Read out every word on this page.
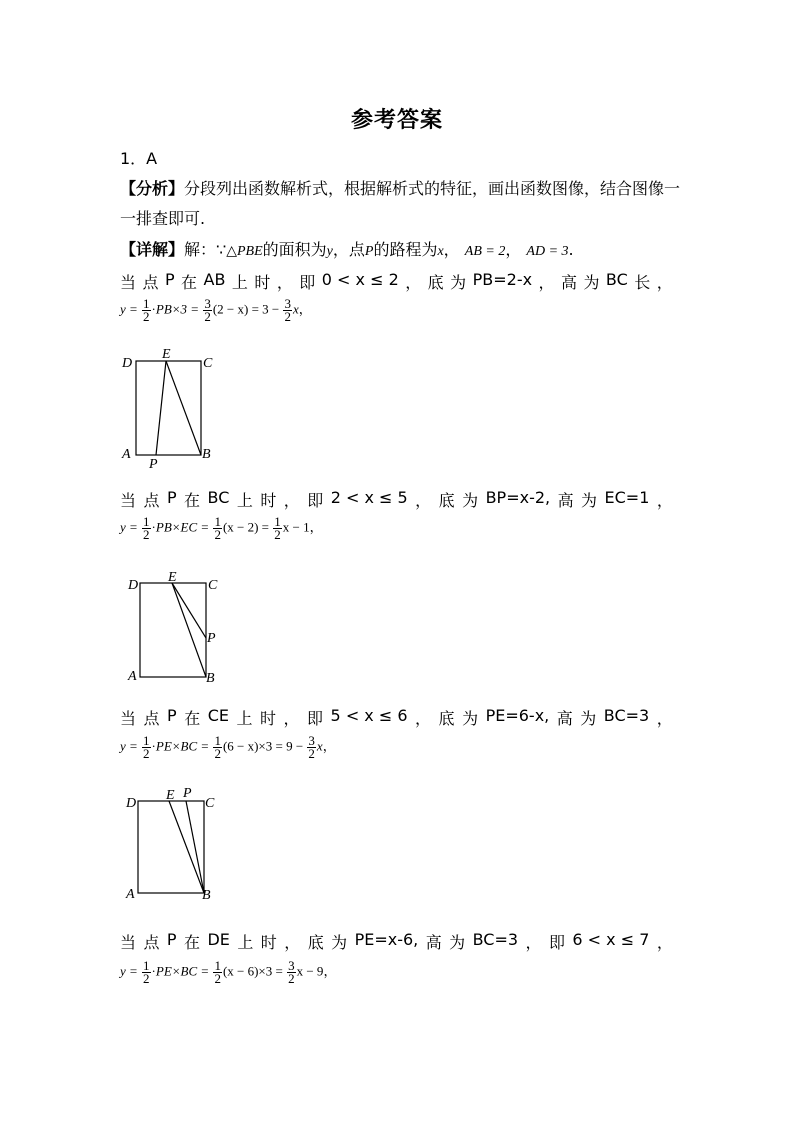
参考答案
1．A
【分析】分段列出函数解析式，根据解析式的特征，画出函数图像，结合图像一
一排查即可.
【详解】解：∵△PBE的面积为y，点P的路程为x， AB = 2， AD = 3.
当 点 P 在 AB 上 时 ， 即 0 < x ≤ 2 ， 底 为 PB=2-x ， 高 为 BC 长 ，
$y = \frac{1}{2} \cdot PB\times 3 = \frac{3}{2} (2 - x) = 3 - \frac{3}{2}$ x，
D
E
C
A
P
B
当 点 P 在 BC 上 时 ， 即 2 < x ≤ 5 ， 底 为 BP=x-2, 高 为 EC=1 ，
$y = \frac{1}{2} \cdot PB\times EC = \frac{1}{2} (x - 2) = \frac{1}{2}$ x − 1，
D
E
C
P
A	B
当 点 P 在 CE 上 时 ， 即 5 < x ≤ 6 ， 底 为 PE=6-x, 高 为 BC=3 ，
$y = \frac{1}{2} \cdot PE\times BC = \frac{1}{2} (6 - x)\times 3 = 9 - \frac{3}{2}$ x，
D
E P
C
A	B
当 点 P 在 DE 上 时 ， 底 为 PE=x-6, 高 为 BC=3 ， 即 6 < x ≤ 7 ，
$y = \frac{1}{2} \cdot PE\times BC = \frac{1}{2} (x - 6)\times 3 = \frac{3}{2}$ x − 9，
